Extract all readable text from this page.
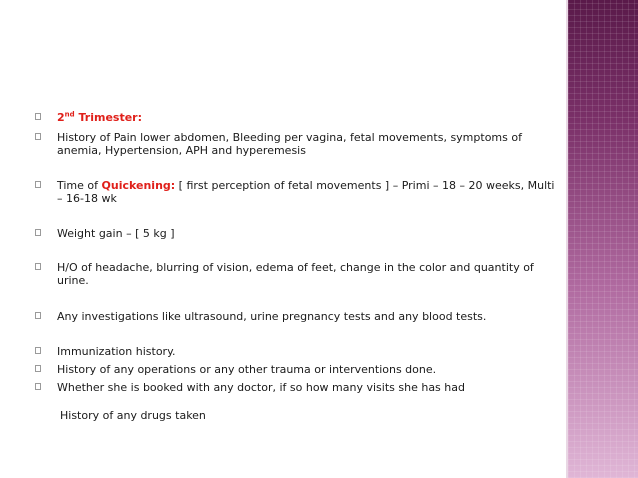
2nd Trimester:
History of Pain lower abdomen, Bleeding per vagina, fetal movements, symptoms of anemia, Hypertension, APH and hyperemesis
Time of Quickening: [ first perception of fetal movements ] – Primi – 18 – 20 weeks, Multi – 16-18 wk
Weight gain – [ 5 kg ]
H/O of headache, blurring of vision, edema of feet, change in the color and quantity of urine.
Any investigations like ultrasound, urine pregnancy tests and any blood tests.
Immunization history.
History of any operations or any other trauma or interventions done.
Whether she is booked with any doctor, if so how many visits she has had
History of any drugs taken
